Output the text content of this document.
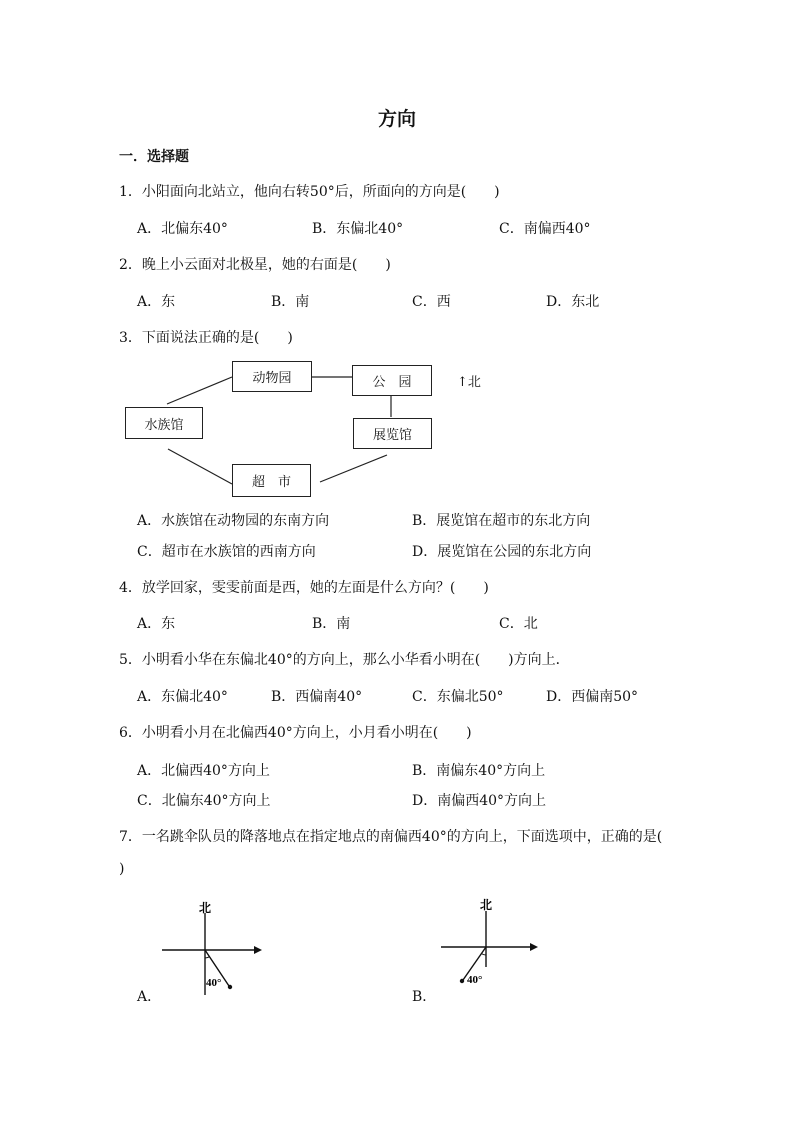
方向
一．选择题
1．小阳面向北站立，他向右转50°后，所面向的方向是(　　)
A．北偏东40°	B．东偏北40°	C．南偏西40°
2．晚上小云面对北极星，她的右面是(　　)
A．东	B．南	C．西	D．东北
3．下面说法正确的是(　　)
动物园	公　园	↑北
水族馆
展览馆
超　市
A．水族馆在动物园的东南方向	B．展览馆在超市的东北方向
C．超市在水族馆的西南方向	D．展览馆在公园的东北方向
4．放学回家，雯雯前面是西，她的左面是什么方向？(　　)
A．东	B．南	C．北
5．小明看小华在东偏北40°的方向上，那么小华看小明在(　　)方向上．
A．东偏北40°	B．西偏南40°	C．东偏北50°	D．西偏南50°
6．小明看小月在北偏西40°方向上，小月看小明在(　　)
A．北偏西40°方向上	B．南偏东40°方向上
C．北偏东40°方向上	D．南偏西40°方向上
7．一名跳伞队员的降落地点在指定地点的南偏西40°的方向上，下面选项中，正确的是(
)
北
40°
A．
北
40°
B．
